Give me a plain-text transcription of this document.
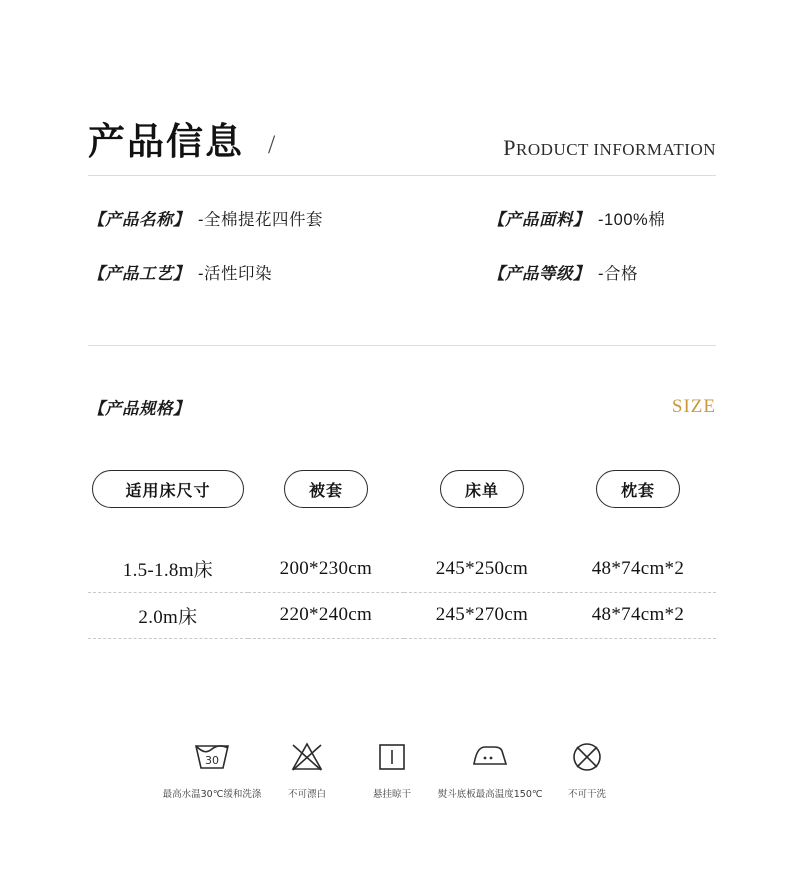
产品信息 /	PRODUCT INFORMATION
【产品名称】 -全棉提花四件套	【产品面料】 -100%棉
【产品工艺】 -活性印染	【产品等级】 -合格
【产品规格】	SIZE
适用床尺寸	被套	床单	枕套
1.5-1.8m床	200*230cm	245*250cm	48*74cm*2
2.0m床	220*240cm	245*270cm	48*74cm*2
30
最高水温30℃缓和洗涤	不可漂白	悬挂晾干	熨斗底板最高温度150℃	不可干洗
